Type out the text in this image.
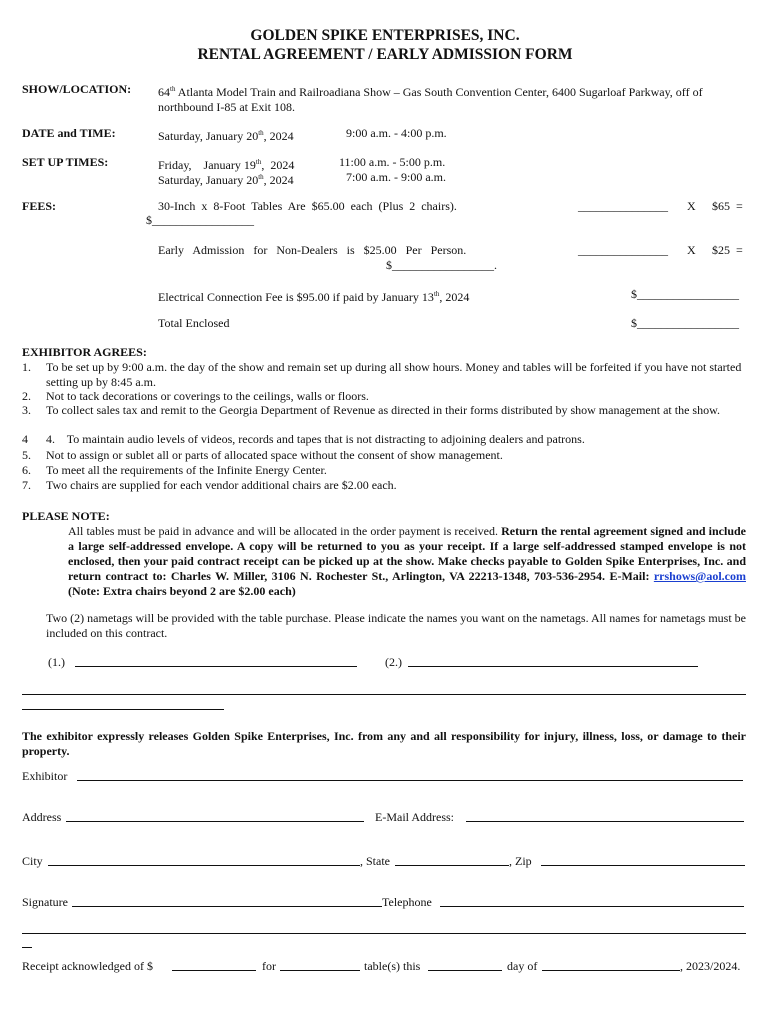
GOLDEN SPIKE ENTERPRISES, INC.
RENTAL AGREEMENT / EARLY ADMISSION FORM
SHOW/LOCATION: 64th Atlanta Model Train and Railroadiana Show – Gas South Convention Center, 6400 Sugarloaf Parkway, off of northbound I-85 at Exit 108.
DATE and TIME:	Saturday, January 20th, 2024	9:00 a.m. - 4:00 p.m.
SET UP TIMES:	Friday,    January 19th,  2024	11:00 a.m. - 5:00 p.m.
Saturday, January 20th, 2024	7:00 a.m. - 9:00 a.m.
FEES:	30-Inch  x  8-Foot  Tables  Are  $65.00  each  (Plus  2  chairs).	_______________ X $65  =
$_________________
Early   Admission   for   Non-Dealers   is   $25.00   Per   Person.	_______________ X $25  =
$_________________.
Electrical Connection Fee is $95.00 if paid by January 13th, 2024	$_________________
Total Enclosed	$_________________
EXHIBITOR AGREES:
1. To be set up by 9:00 a.m. the day of the show and remain set up during all show hours. Money and tables will be forfeited if you have not started setting up by 8:45 a.m.
2. Not to tack decorations or coverings to the ceilings, walls or floors.
3. To collect sales tax and remit to the Georgia Department of Revenue as directed in their forms distributed by show management at the show.
4 4.    To maintain audio levels of videos, records and tapes that is not distracting to adjoining dealers and patrons.
5. Not to assign or sublet all or parts of allocated space without the consent of show management.
6. To meet all the requirements of the Infinite Energy Center.
7. Two chairs are supplied for each vendor additional chairs are $2.00 each.
PLEASE NOTE:
All tables must be paid in advance and will be allocated in the order payment is received. Return the rental agreement signed and include a large self-addressed envelope. A copy will be returned to you as your receipt. If a large self-addressed stamped envelope is not enclosed, then your paid contract receipt can be picked up at the show. Make checks payable to Golden Spike Enterprises, Inc. and return contract to: Charles W. Miller, 3106 N. Rochester St., Arlington, VA 22213-1348, 703-536-2954. E-Mail: rrshows@aol.com (Note: Extra chairs beyond 2 are $2.00 each)
Two (2) nametags will be provided with the table purchase. Please indicate the names you want on the nametags. All names for nametags must be included on this contract.
(1.)	(2.)
The exhibitor expressly releases Golden Spike Enterprises, Inc. from any and all responsibility for injury, illness, loss, or damage to their property.
Exhibitor
Address	E-Mail Address:
City	, State	, Zip
Signature	Telephone
Receipt acknowledged of $	for	table(s) this	day of	, 2023/2024.
